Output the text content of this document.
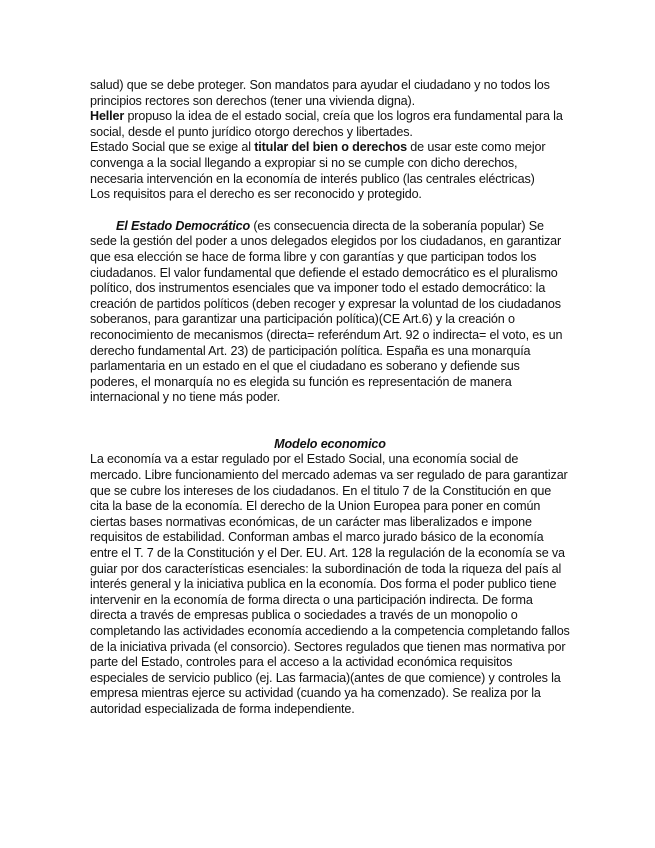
salud) que se debe proteger. Son mandatos para ayudar el ciudadano y no todos los principios rectores son derechos (tener una vivienda digna).

Heller propuso la idea de el estado social, creía que los logros era fundamental para la social, desde el punto jurídico otorgo derechos y libertades.

Estado Social que se exige al titular del bien o derechos de usar este como mejor convenga a la social llegando a expropiar si no se cumple con dicho derechos, necesaria intervención en la economía de interés publico (las centrales eléctricas)

Los requisitos para el derecho es ser reconocido y protegido.

El Estado Democrático (es consecuencia directa de la soberanía popular) Se sede la gestión del poder a unos delegados elegidos por los ciudadanos, en garantizar que esa elección se hace de forma libre y con garantías y que participan todos los ciudadanos. El valor fundamental que defiende el estado democrático es el pluralismo político, dos instrumentos esenciales que va imponer todo el estado democrático: la creación de partidos políticos (deben recoger y expresar la voluntad de los ciudadanos soberanos, para garantizar una participación política)(CE Art.6) y la creación o reconocimiento de mecanismos (directa= referéndum Art. 92 o indirecta= el voto, es un derecho fundamental Art. 23) de participación política. España es una monarquía parlamentaria en un estado en el que el ciudadano es soberano y defiende sus poderes, el monarquía no es elegida su función es representación de manera internacional y no tiene más poder.

Modelo economico

La economía va a estar regulado por el Estado Social, una economía social de mercado. Libre funcionamiento del mercado ademas va ser regulado de para garantizar que se cubre los intereses de los ciudadanos. En el titulo 7 de la Constitución en que cita la base de la economía. El derecho de la Union Europea para poner en común ciertas bases normativas económicas, de un carácter mas liberalizados e impone requisitos de estabilidad. Conforman ambas el marco jurado básico de la economía entre el T. 7 de la Constitución y el Der. EU. Art. 128 la regulación de la economía se va guiar por dos características esenciales: la subordinación de toda la riqueza del país al interés general y la iniciativa publica en la economía. Dos forma el poder publico tiene intervenir en la economía de forma directa o una participación indirecta. De forma directa a través de empresas publica o sociedades a través de un monopolio o completando las actividades economía accediendo a la competencia completando fallos de la iniciativa privada (el consorcio). Sectores regulados que tienen mas normativa por parte del Estado, controles para el acceso a la actividad económica requisitos especiales de servicio publico (ej. Las farmacia)(antes de que comience) y controles la empresa mientras ejerce su actividad (cuando ya ha comenzado). Se realiza por la autoridad especializada de forma independiente.
